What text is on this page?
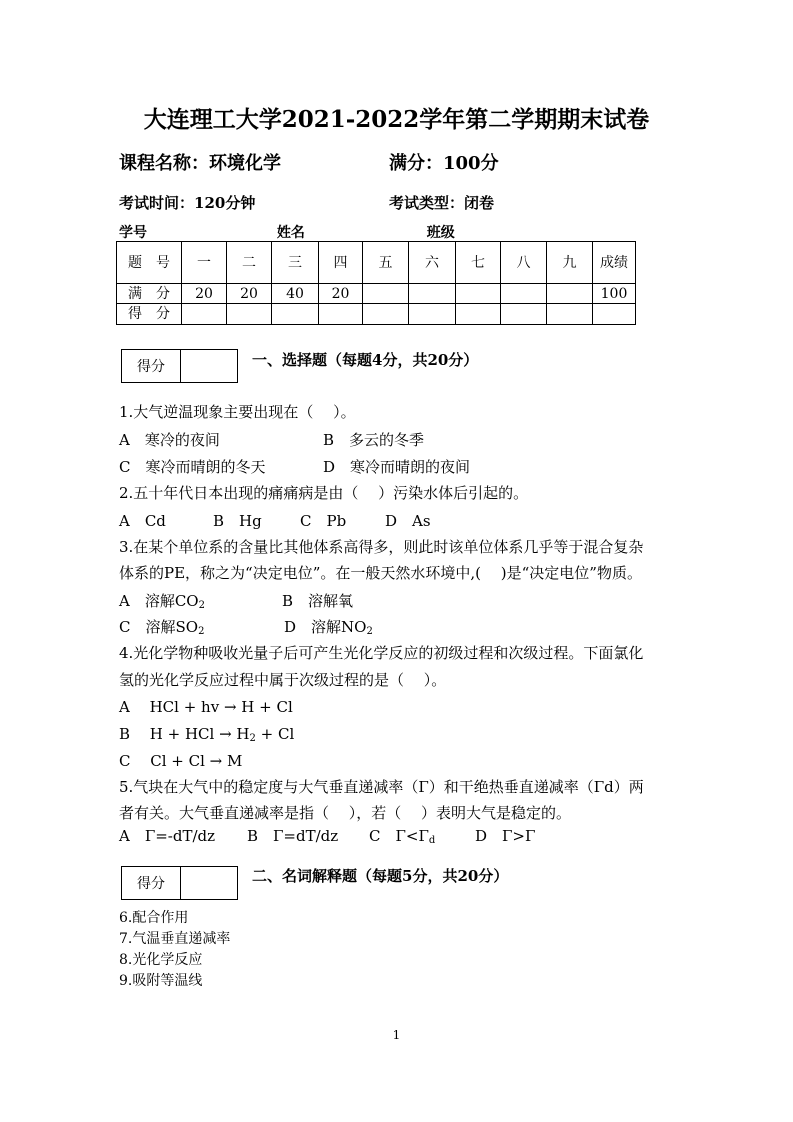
大连理工大学2021-2022学年第二学期期末试卷
课程名称：环境化学	满分：100分
考试时间：120分钟	考试类型：闭卷
学号	姓名	班级
题　号	一	二	三	四	五	六	七	八	九	成绩
满　分	20	20	40	20						100
得　分										
得分	一、选择题（每题4分，共20分）
1.大气逆温现象主要出现在（　 ）。
A　寒冷的夜间	B　多云的冬季
C　寒冷而晴朗的冬天	D　寒冷而晴朗的夜间
2.五十年代日本出现的痛痛病是由（　 ）污染水体后引起的。
A　Cd	B　Hg	C　Pb	D　As
3.在某个单位系的含量比其他体系高得多，则此时该单位体系几乎等于混合复杂
体系的PE，称之为“决定电位”。在一般天然水环境中,(　 )是“决定电位”物质。
A　溶解$CO_2$	B　溶解氧
C　溶解$SO_2$	D　溶解$NO_2$
4.光化学物种吸收光量子后可产生光化学反应的初级过程和次级过程。下面氯化
氢的光化学反应过程中属于次级过程的是（　 ）。
A　 HCl + hv → H + Cl
B　 H + HCl → $H_2 + Cl$
C　 Cl + Cl → M
5.气块在大气中的稳定度与大气垂直递减率（Γ）和干绝热垂直递减率（Γd）两
者有关。大气垂直递减率是指（　 ），若（　 ）表明大气是稳定的。
A　Γ=-dT/dz B　Γ=dT/dz C　$\Gamma<\Gamma_d$	D　Γ>Γ
得分	二、名词解释题（每题5分，共20分）
6.配合作用
7.气温垂直递减率
8.光化学反应
9.吸附等温线
1
